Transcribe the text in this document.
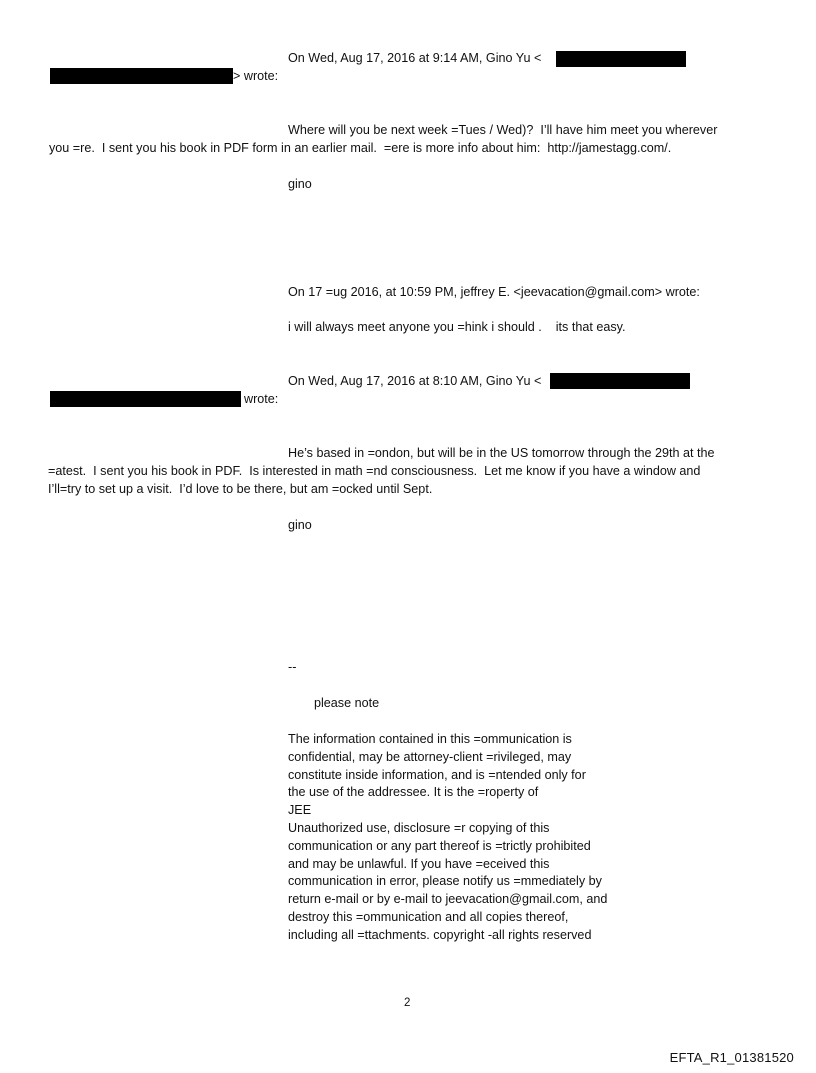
On Wed, Aug 17, 2016 at 9:14 AM, Gino Yu <
> wrote:
Where will you be next week =Tues / Wed)?  I’ll have him meet you wherever
you =re.  I sent you his book in PDF form in an earlier mail.  =ere is more info about him:  http://jamestagg.com/.
gino
On 17 =ug 2016, at 10:59 PM, jeffrey E. <jeevacation@gmail.com> wrote:
i will always meet anyone you =hink i should .    its that easy.
On Wed, Aug 17, 2016 at 8:10 AM, Gino Yu <
wrote:
He’s based in =ondon, but will be in the US tomorrow through the 29th at the
=atest.  I sent you his book in PDF.  Is interested in math =nd consciousness.  Let me know if you have a window and
I’ll=try to set up a visit.  I’d love to be there, but am =ocked until Sept.
gino
--
please note
The information contained in this =ommunication is
confidential, may be attorney-client =rivileged, may
constitute inside information, and is =ntended only for
the use of the addressee. It is the =roperty of
JEE
Unauthorized use, disclosure =r copying of this
communication or any part thereof is =trictly prohibited
and may be unlawful. If you have =eceived this
communication in error, please notify us =mmediately by
return e-mail or by e-mail to jeevacation@gmail.com, and
destroy this =ommunication and all copies thereof,
including all =ttachments. copyright -all rights reserved
2
EFTA_R1_01381520
